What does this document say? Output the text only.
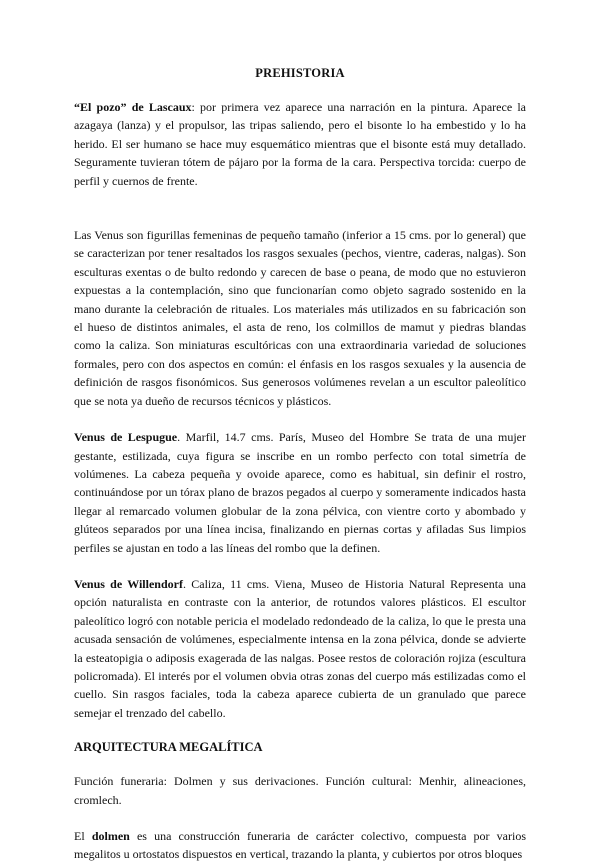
PREHISTORIA

“El pozo” de Lascaux: por primera vez aparece una narración en la pintura. Aparece la azagaya (lanza) y el propulsor, las tripas saliendo, pero el bisonte lo ha embestido y lo ha herido. El ser humano se hace muy esquemático mientras que el bisonte está muy detallado. Seguramente tuvieran tótem de pájaro por la forma de la cara. Perspectiva torcida: cuerpo de perfil y cuernos de frente.

Las Venus son figurillas femeninas de pequeño tamaño (inferior a 15 cms. por lo general) que se caracterizan por tener resaltados los rasgos sexuales (pechos, vientre, caderas, nalgas). Son esculturas exentas o de bulto redondo y carecen de base o peana, de modo que no estuvieron expuestas a la contemplación, sino que funcionarían como objeto sagrado sostenido en la mano durante la celebración de rituales. Los materiales más utilizados en su fabricación son el hueso de distintos animales, el asta de reno, los colmillos de mamut y piedras blandas como la caliza. Son miniaturas escultóricas con una extraordinaria variedad de soluciones formales, pero con dos aspectos en común: el énfasis en los rasgos sexuales y la ausencia de definición de rasgos fisonómicos. Sus generosos volúmenes revelan a un escultor paleolítico que se nota ya dueño de recursos técnicos y plásticos.

Venus de Lespugue. Marfil, 14.7 cms. París, Museo del Hombre Se trata de una mujer gestante, estilizada, cuya figura se inscribe en un rombo perfecto con total simetría de volúmenes. La cabeza pequeña y ovoide aparece, como es habitual, sin definir el rostro, continuándose por un tórax plano de brazos pegados al cuerpo y someramente indicados hasta llegar al remarcado volumen globular de la zona pélvica, con vientre corto y abombado y glúteos separados por una línea incisa, finalizando en piernas cortas y afiladas Sus limpios perfiles se ajustan en todo a las líneas del rombo que la definen.

Venus de Willendorf. Caliza, 11 cms. Viena, Museo de Historia Natural Representa una opción naturalista en contraste con la anterior, de rotundos valores plásticos. El escultor paleolítico logró con notable pericia el modelado redondeado de la caliza, lo que le presta una acusada sensación de volúmenes, especialmente intensa en la zona pélvica, donde se advierte la esteatopigia o adiposis exagerada de las nalgas. Posee restos de coloración rojiza (escultura policromada). El interés por el volumen obvia otras zonas del cuerpo más estilizadas como el cuello. Sin rasgos faciales, toda la cabeza aparece cubierta de un granulado que parece semejar el trenzado del cabello.

ARQUITECTURA MEGALÍTICA

Función funeraria: Dolmen y sus derivaciones. Función cultural: Menhir, alineaciones, cromlech.

El dolmen es una construcción funeraria de carácter colectivo, compuesta por varios megalitos u ortostatos dispuestos en vertical, trazando la planta, y cubiertos por otros bloques
